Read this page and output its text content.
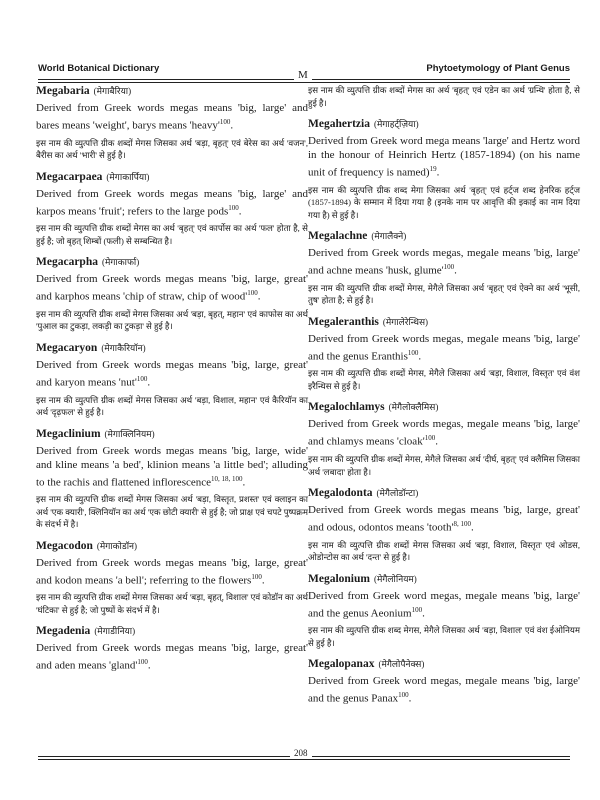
World Botanical Dictionary	Phytoetymology of Plant Genus
M
Megabaria (मेगाबैरिया)
Derived from Greek words megas means 'big, large' and bares means 'weight', barys means '$heavy'^{100}$.
इस नाम की व्युत्पत्ति ग्रीक शब्दों मेगस जिसका अर्थ 'बड़ा, बृहत्' एवं बेरेस का अर्थ 'वजन', बैरीस का अर्थ 'भारी' से हुई है।
Megacarpaea (मेगाकार्पिया)
Derived from Greek words megas means 'big, large' and karpos means 'fruit'; refers to the large pods$^{100}$.
इस नाम की व्युत्पत्ति ग्रीक शब्दों मेगस का अर्थ 'बृहत्' एवं कार्पोस का अर्थ 'फल' होता है, से हुई है; जो बृहत् शिम्बों (फली) से सम्बन्धित है।
Megacarpha (मेगाकार्फा)
Derived from Greek words megas means 'big, large, great' and karphos means 'chip of straw, chip of $wood'^{100}$.
इस नाम की व्युत्पत्ति ग्रीक शब्दों मेगस जिसका अर्थ 'बड़ा, बृहत्, महान' एवं काफोस का अर्थ 'पुआल का टुकड़ा, लकड़ी का टुकड़ा' से हुई है।
Megacaryon (मेगाकैरियॉन)
Derived from Greek words megas means 'big, large, great' and karyon means '$nut'^{100}$.
इस नाम की व्युत्पत्ति ग्रीक शब्दों मेगस जिसका अर्थ 'बड़ा, विशाल, महान' एवं कैरियॉन का अर्थ 'दृढ़फल' से हुई है।
Megaclinium (मेगाक्लिनियम)
Derived from Greek words megas means 'big, large, wide' and kline means 'a bed', klinion means 'a little bed'; alluding to the rachis and flattened inflorescence$^{10, 18, 100}$.
इस नाम की व्युत्पत्ति ग्रीक शब्दों मेगस जिसका अर्थ 'बड़ा, विस्तृत, प्रशस्त' एवं क्लाइन का अर्थ 'एक क्यारी', क्लिनियॉन का अर्थ 'एक छोटी क्यारी' से हुई है; जो प्राक्ष एवं चपटे पुष्पक्रम के संदर्भ में है।
Megacodon (मेगाकोडॉन)
Derived from Greek words megas means 'big, large, great' and kodon means 'a bell'; referring to the flowers$^{100}$.
इस नाम की व्युत्पत्ति ग्रीक शब्दों मेगस जिसका अर्थ 'बड़ा, बृहत्, विशाल' एवं कोडॉन का अर्थ 'घंटिका' से हुई है; जो पुष्पों के संदर्भ में है।
Megadenia (मेगाडीनिया)
Derived from Greek words megas means 'big, large, great' and aden means '$gland'^{100}$.
इस नाम की व्युत्पत्ति ग्रीक शब्दों मेगस का अर्थ 'बृहत्' एवं एडेन का अर्थ 'ग्रन्थि' होता है, से हुई है।
Megahertzia (मेगाहर्ट्ज़िया)
Derived from Greek word mega means 'large' and Hertz word in the honour of Heinrich Hertz (1857-1894) (on his name unit of frequency is named)$^{19}$.
इस नाम की व्युत्पत्ति ग्रीक शब्द मेगा जिसका अर्थ 'बृहत्' एवं हर्ट्ज शब्द हेनरिक हर्ट्ज (1857-1894) के सम्मान में दिया गया है (इनके नाम पर आवृत्ति की इकाई का नाम दिया गया है) से हुई है।
Megalachne (मेगालैक्ने)
Derived from Greek words megas, megale means 'big, large' and achne means 'husk, $glume'^{100}$.
इस नाम की व्युत्पत्ति ग्रीक शब्दों मेगस, मेगैले जिसका अर्थ 'बृहत्' एवं ऐक्ने का अर्थ 'भूसी, तुष' होता है; से हुई है।
Megaleranthis (मेगालेरेन्थिस)
Derived from Greek words megas, megale means 'big, large' and the genus Eranthis$^{100}$.
इस नाम की व्युत्पत्ति ग्रीक शब्दों मेगस, मेगैले जिसका अर्थ 'बड़ा, विशाल, विस्तृत' एवं वंश इरैन्थिस से हुई है।
Megalochlamys (मेगैलोक्लैमिस)
Derived from Greek words megas, megale means 'big, large' and chlamys means '$cloak'^{100}$.
इस नाम की व्युत्पत्ति ग्रीक शब्दों मेगस, मेगैले जिसका अर्थ 'दीर्घ, बृहत्' एवं क्लैमिस जिसका अर्थ 'लबादा' होता है।
Megalodonta (मेगैलोडॉन्टा)
Derived from Greek words megas means 'big, large, great' and odous, odontos means '$tooth'^{8, 100}$.
इस नाम की व्युत्पत्ति ग्रीक शब्दों मेगस जिसका अर्थ 'बड़ा, विशाल, विस्तृत' एवं ओडस, ओडोन्टोस का अर्थ 'दन्त' से हुई है।
Megalonium (मेगैलोनियम)
Derived from Greek word megas, megale means 'big, large' and the genus Aeonium$^{100}$.
इस नाम की व्युत्पत्ति ग्रीक शब्द मेगस, मेगैले जिसका अर्थ 'बड़ा, विशाल' एवं वंश ईओनियम से हुई है।
Megalopanax (मेगैलोपैनेक्स)
Derived from Greek word megas, megale means 'big, large' and the genus Panax$^{100}$.
208
